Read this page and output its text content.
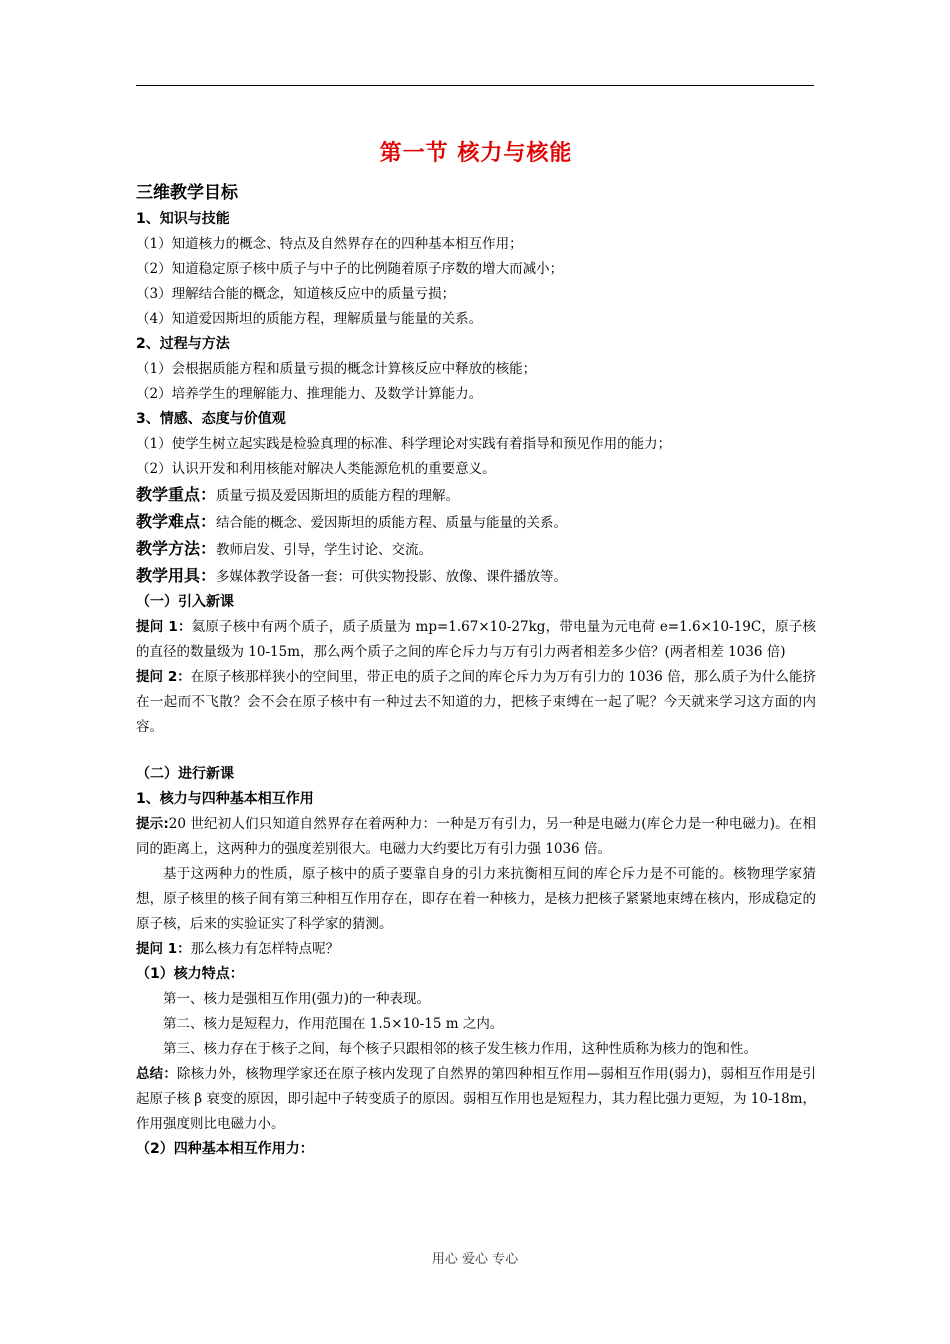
第一节 核力与核能
三维教学目标
1、知识与技能
（1）知道核力的概念、特点及自然界存在的四种基本相互作用；
（2）知道稳定原子核中质子与中子的比例随着原子序数的增大而减小；
（3）理解结合能的概念，知道核反应中的质量亏损；
（4）知道爱因斯坦的质能方程，理解质量与能量的关系。
2、过程与方法
（1）会根据质能方程和质量亏损的概念计算核反应中释放的核能；
（2）培养学生的理解能力、推理能力、及数学计算能力。
3、情感、态度与价值观
（1）使学生树立起实践是检验真理的标准、科学理论对实践有着指导和预见作用的能力；
（2）认识开发和利用核能对解决人类能源危机的重要意义。
教学重点：质量亏损及爱因斯坦的质能方程的理解。
教学难点：结合能的概念、爱因斯坦的质能方程、质量与能量的关系。
教学方法：教师启发、引导，学生讨论、交流。
教学用具：多媒体教学设备一套：可供实物投影、放像、课件播放等。
（一）引入新课
提问 1：氦原子核中有两个质子，质子质量为 mp=1.67×10-27kg，带电量为元电荷 e=1.6×10-19C，原子核的直径的数量级为 10-15m，那么两个质子之间的库仑斥力与万有引力两者相差多少倍？(两者相差 1036 倍)
提问 2：在原子核那样狭小的空间里，带正电的质子之间的库仑斥力为万有引力的 1036 倍，那么质子为什么能挤在一起而不飞散？会不会在原子核中有一种过去不知道的力，把核子束缚在一起了呢？今天就来学习这方面的内容。
（二）进行新课
1、核力与四种基本相互作用
提示:20 世纪初人们只知道自然界存在着两种力：一种是万有引力，另一种是电磁力(库仑力是一种电磁力)。在相同的距离上，这两种力的强度差别很大。电磁力大约要比万有引力强 1036 倍。
基于这两种力的性质，原子核中的质子要靠自身的引力来抗衡相互间的库仑斥力是不可能的。核物理学家猜想，原子核里的核子间有第三种相互作用存在，即存在着一种核力，是核力把核子紧紧地束缚在核内，形成稳定的原子核，后来的实验证实了科学家的猜测。
提问 1：那么核力有怎样特点呢？
（1）核力特点：
第一、核力是强相互作用(强力)的一种表现。
第二、核力是短程力，作用范围在 1.5×10-15 m 之内。
第三、核力存在于核子之间，每个核子只跟相邻的核子发生核力作用，这种性质称为核力的饱和性。
总结：除核力外，核物理学家还在原子核内发现了自然界的第四种相互作用—弱相互作用(弱力)，弱相互作用是引起原子核 β 衰变的原因，即引起中子转变质子的原因。弱相互作用也是短程力，其力程比强力更短，为 10-18m，作用强度则比电磁力小。
（2）四种基本相互作用力：
用心 爱心 专心
